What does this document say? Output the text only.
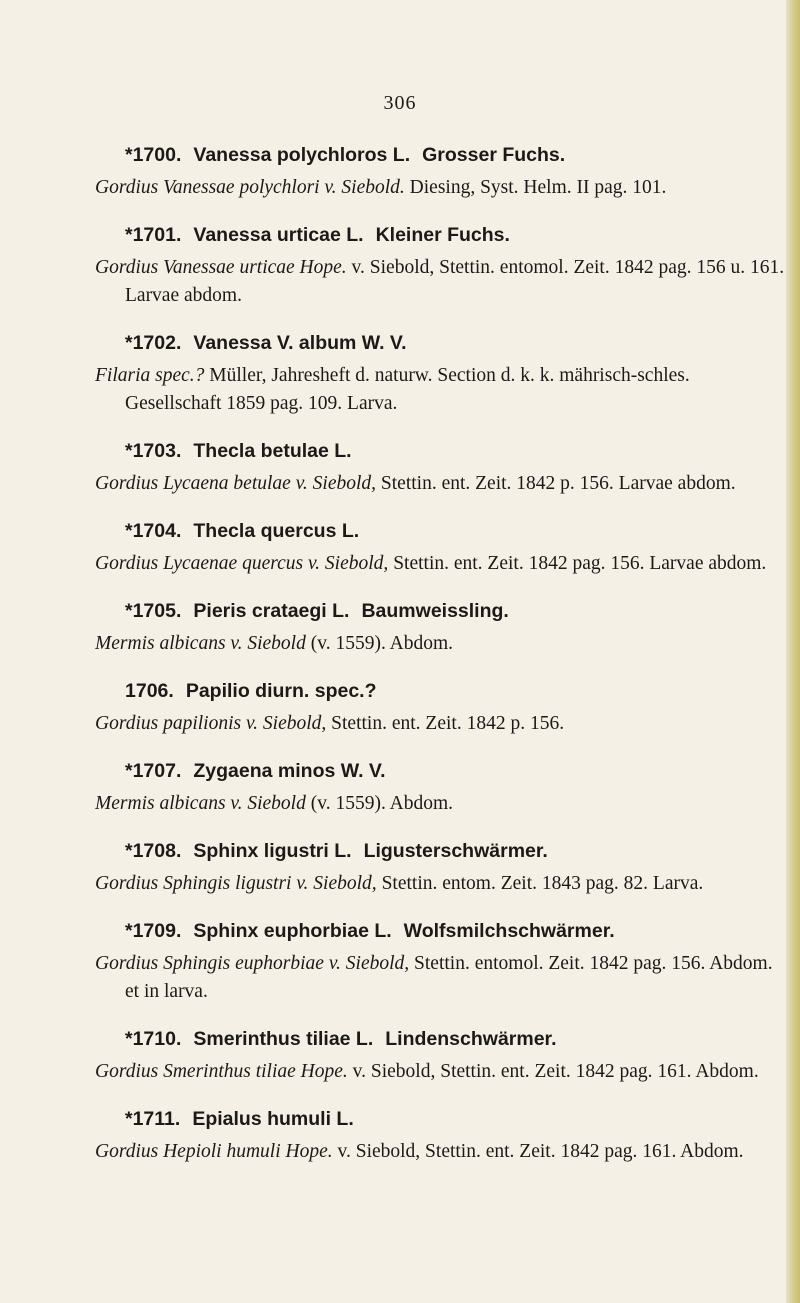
306
*1700. Vanessa polychloros L. Grosser Fuchs.
Gordius Vanessae polychlori v. Siebold. Diesing, Syst. Helm. II pag. 101.
*1701. Vanessa urticae L. Kleiner Fuchs.
Gordius Vanessae urticae Hope. v. Siebold, Stettin. entomol. Zeit. 1842 pag. 156 u. 161. Larvae abdom.
*1702. Vanessa V. album W. V.
Filaria spec.? Müller, Jahresheft d. naturw. Section d. k. k. mährisch-schles. Gesellschaft 1859 pag. 109. Larva.
*1703. Thecla betulae L.
Gordius Lycaena betulae v. Siebold, Stettin. ent. Zeit. 1842 p. 156. Larvae abdom.
*1704. Thecla quercus L.
Gordius Lycaenae quercus v. Siebold, Stettin. ent. Zeit. 1842 pag. 156. Larvae abdom.
*1705. Pieris crataegi L. Baumweissling.
Mermis albicans v. Siebold (v. 1559). Abdom.
1706. Papilio diurn. spec.?
Gordius papilionis v. Siebold, Stettin. ent. Zeit. 1842 p. 156.
*1707. Zygaena minos W. V.
Mermis albicans v. Siebold (v. 1559). Abdom.
*1708. Sphinx ligustri L. Ligusterschwärmer.
Gordius Sphingis ligustri v. Siebold, Stettin. entom. Zeit. 1843 pag. 82. Larva.
*1709. Sphinx euphorbiae L. Wolfsmilchschwärmer.
Gordius Sphingis euphorbiae v. Siebold, Stettin. entomol. Zeit. 1842 pag. 156. Abdom. et in larva.
*1710. Smerinthus tiliae L. Lindenschwärmer.
Gordius Smerinthus tiliae Hope. v. Siebold, Stettin. ent. Zeit. 1842 pag. 161. Abdom.
*1711. Epialus humuli L.
Gordius Hepioli humuli Hope. v. Siebold, Stettin. ent. Zeit. 1842 pag. 161. Abdom.
